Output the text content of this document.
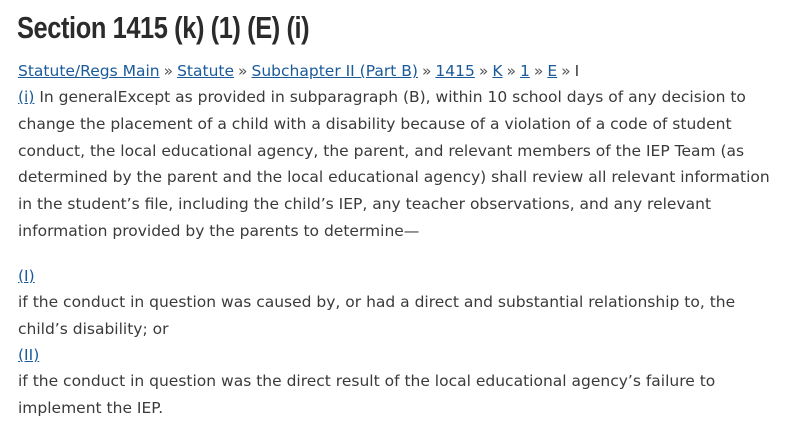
Section 1415 (k) (1) (E) (i)
Statute/Regs Main » Statute » Subchapter II (Part B) » 1415 » K » 1 » E » I

(i) In generalExcept as provided in subparagraph (B), within 10 school days of any decision to change the placement of a child with a disability because of a violation of a code of student conduct, the local educational agency, the parent, and relevant members of the IEP Team (as determined by the parent and the local educational agency) shall review all relevant information in the student’s file, including the child’s IEP, any teacher observations, and any relevant information provided by the parents to determine—

(I)

if the conduct in question was caused by, or had a direct and substantial relationship to, the child’s disability; or

(II)

if the conduct in question was the direct result of the local educational agency’s failure to implement the IEP.
